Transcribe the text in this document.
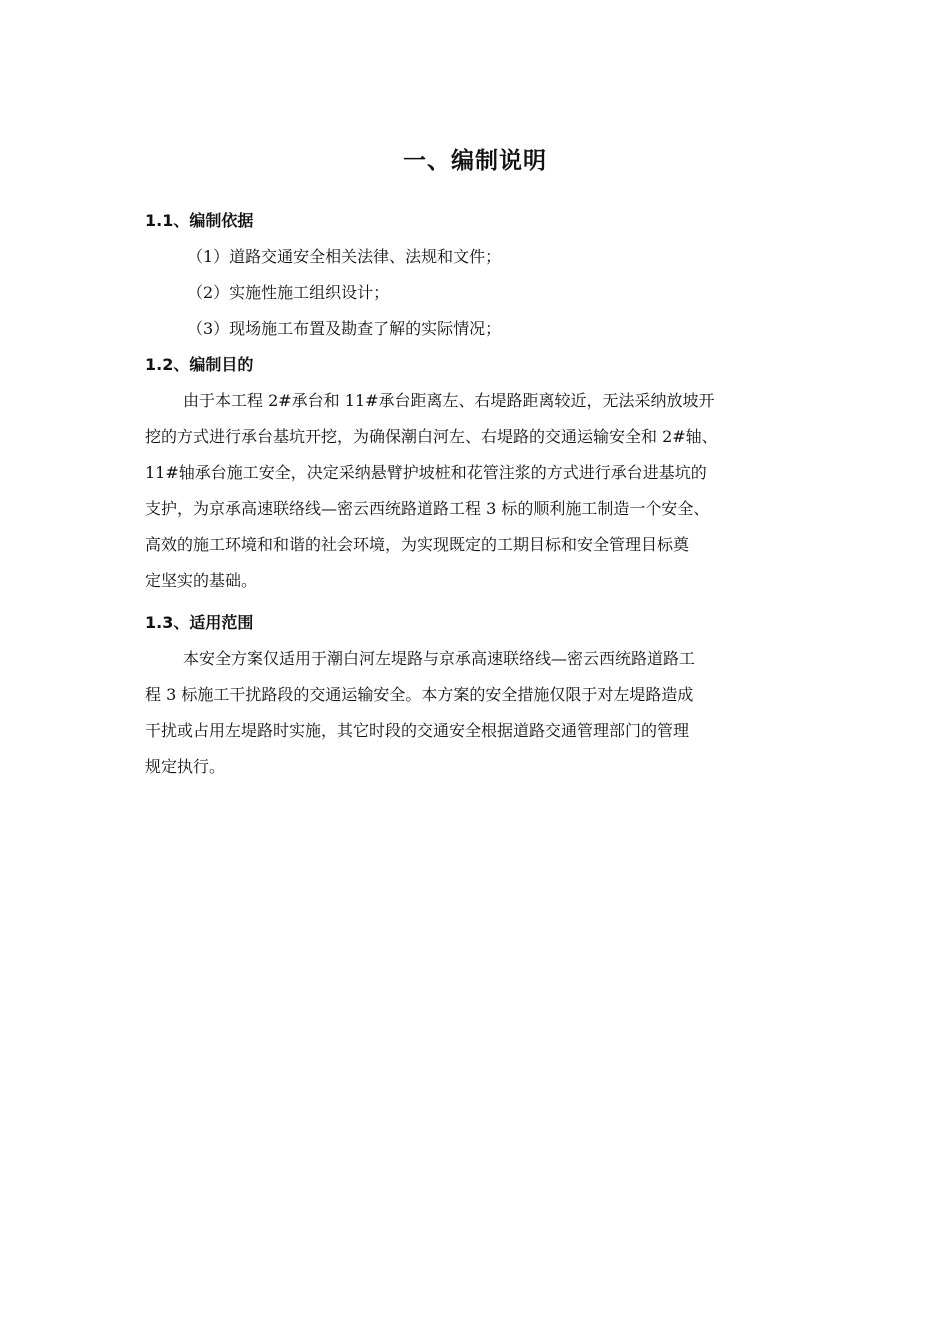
一、编制说明
1.1、编制依据
（1）道路交通安全相关法律、法规和文件；
（2）实施性施工组织设计；
（3）现场施工布置及勘查了解的实际情况；
1.2、编制目的
由于本工程 2#承台和 11#承台距离左、右堤路距离较近，无法采纳放坡开
挖的方式进行承台基坑开挖，为确保潮白河左、右堤路的交通运输安全和 2#轴、
11#轴承台施工安全，决定采纳悬臂护坡桩和花管注浆的方式进行承台进基坑的
支护，为京承高速联络线—密云西统路道路工程 3 标的顺利施工制造一个安全、
高效的施工环境和和谐的社会环境，为实现既定的工期目标和安全管理目标奠
定坚实的基础。
1.3、适用范围
本安全方案仅适用于潮白河左堤路与京承高速联络线—密云西统路道路工
程 3 标施工干扰路段的交通运输安全。本方案的安全措施仅限于对左堤路造成
干扰或占用左堤路时实施，其它时段的交通安全根据道路交通管理部门的管理
规定执行。
